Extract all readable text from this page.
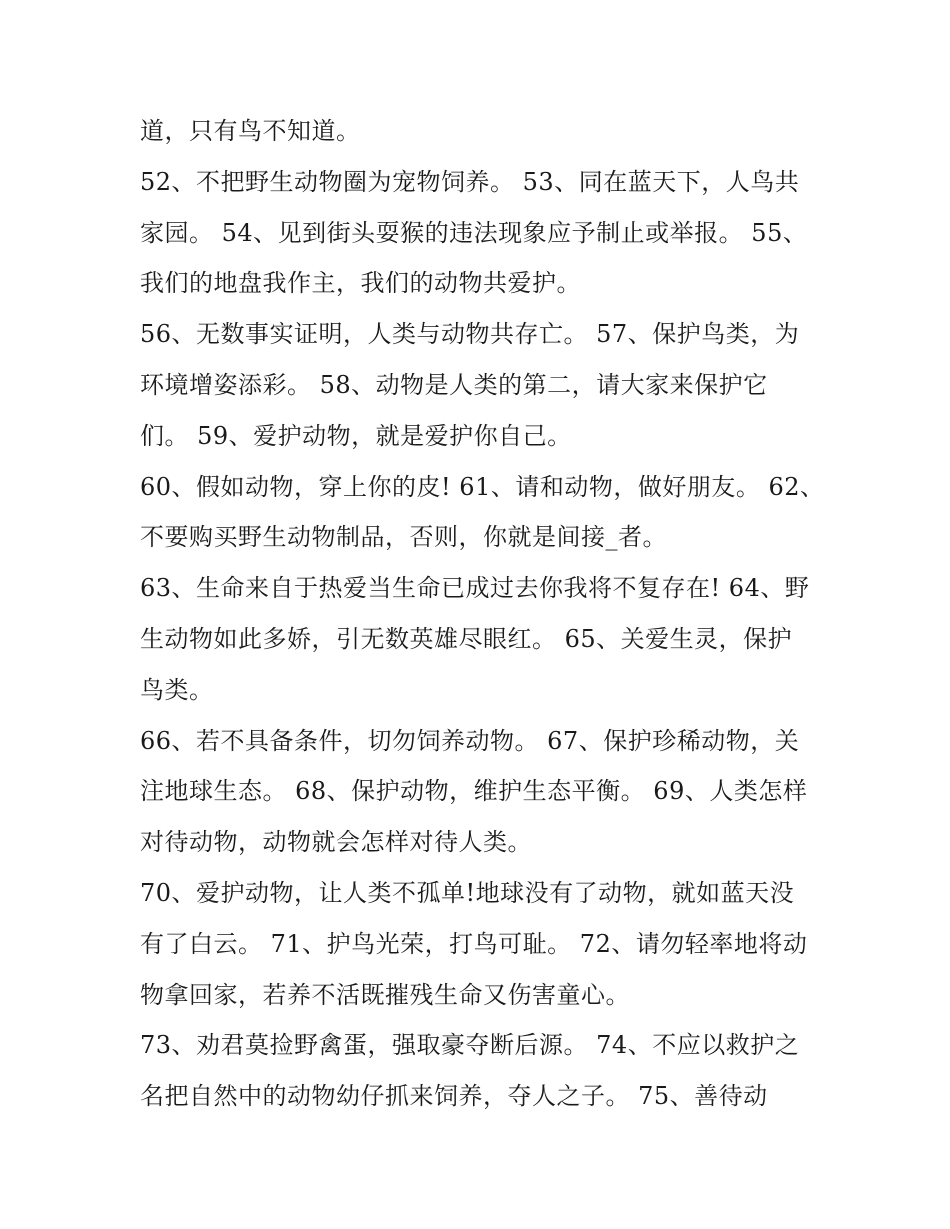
道，只有鸟不知道。
52、不把野生动物圈为宠物饲养。 53、同在蓝天下，人鸟共
家园。 54、见到街头耍猴的违法现象应予制止或举报。 55、
我们的地盘我作主，我们的动物共爱护。
56、无数事实证明，人类与动物共存亡。 57、保护鸟类，为
环境增姿添彩。 58、动物是人类的第二，请大家来保护它
们。 59、爱护动物，就是爱护你自己。
60、假如动物，穿上你的皮! 61、请和动物，做好朋友。 62、
不要购买野生动物制品，否则，你就是间接_者。
63、生命来自于热爱当生命已成过去你我将不复存在! 64、野
生动物如此多娇，引无数英雄尽眼红。 65、关爱生灵，保护
鸟类。
66、若不具备条件，切勿饲养动物。 67、保护珍稀动物，关
注地球生态。 68、保护动物，维护生态平衡。 69、人类怎样
对待动物，动物就会怎样对待人类。
70、爱护动物，让人类不孤单!地球没有了动物，就如蓝天没
有了白云。 71、护鸟光荣，打鸟可耻。 72、请勿轻率地将动
物拿回家，若养不活既摧残生命又伤害童心。
73、劝君莫捡野禽蛋，强取豪夺断后源。 74、不应以救护之
名把自然中的动物幼仔抓来饲养，夺人之子。 75、善待动
